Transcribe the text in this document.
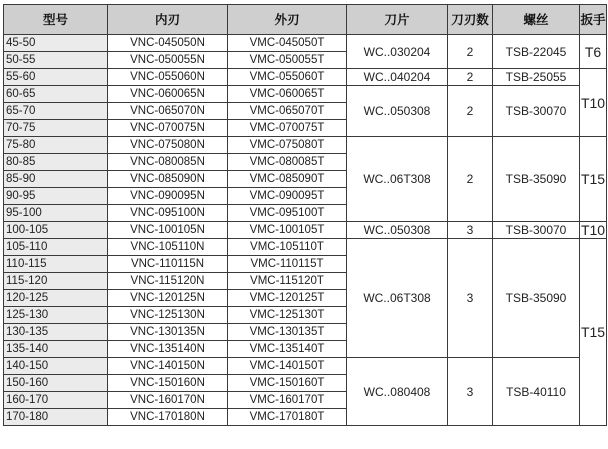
型号	内刃	外刃	刀片	刀刃数	螺丝	扳手
45-50	VNC-045050N	VMC-045050T	WC..030204	2	TSB-22045	T6
50-55	VNC-050055N	VMC-050055T				
55-60	VNC-055060N	VMC-055060T	WC..040204	2	TSB-25055	T10
60-65	VNC-060065N	VMC-060065T	WC..050308	2	TSB-30070	
65-70	VNC-065070N	VMC-065070T				
70-75	VNC-070075N	VMC-070075T				
75-80	VNC-075080N	VMC-075080T	WC..06T308	2	TSB-35090	T15
80-85	VNC-080085N	VMC-080085T				
85-90	VNC-085090N	VMC-085090T				
90-95	VNC-090095N	VMC-090095T				
95-100	VNC-095100N	VMC-095100T				
100-105	VNC-100105N	VMC-100105T	WC..050308	3	TSB-30070	T10
105-110	VNC-105110N	VMC-105110T	WC..06T308	3	TSB-35090	T15
110-115	VNC-110115N	VMC-110115T				
115-120	VNC-115120N	VMC-115120T				
120-125	VNC-120125N	VMC-120125T				
125-130	VNC-125130N	VMC-125130T				
130-135	VNC-130135N	VMC-130135T				
135-140	VNC-135140N	VMC-135140T				
140-150	VNC-140150N	VMC-140150T	WC..080408	3	TSB-40110	
150-160	VNC-150160N	VMC-150160T				
160-170	VNC-160170N	VMC-160170T				
170-180	VNC-170180N	VMC-170180T				
